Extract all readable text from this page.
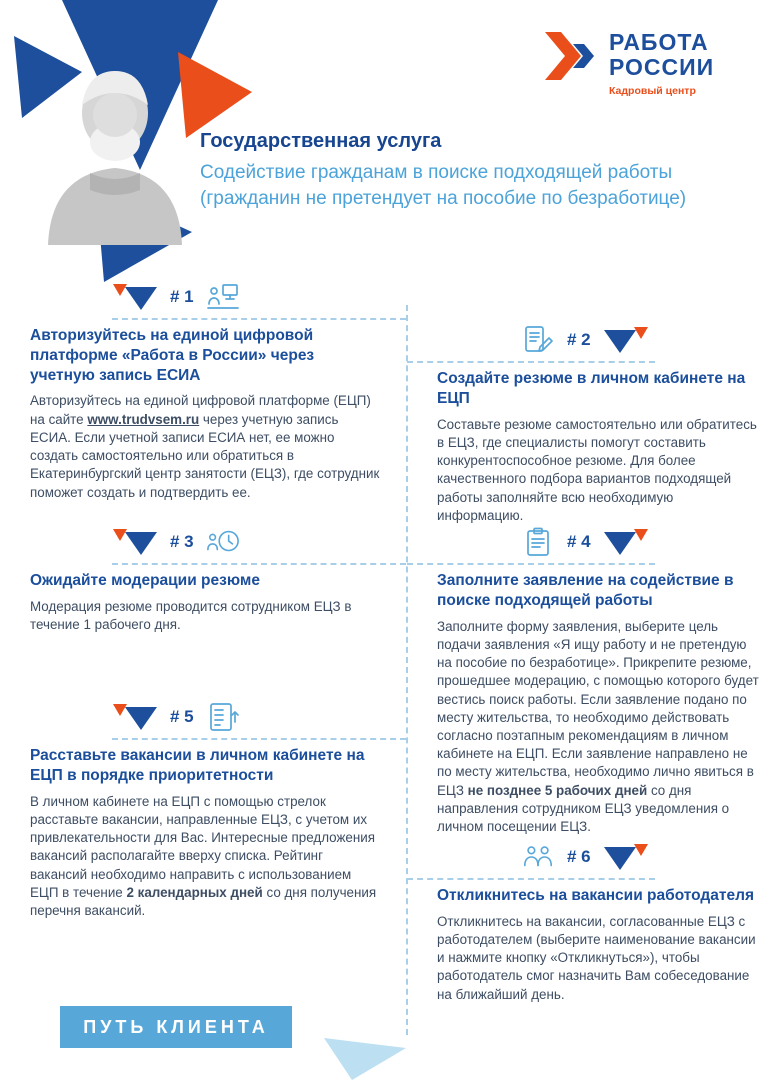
РАБОТА
РОССИИ
Кадровый центр
Государственная услуга
Содействие гражданам в поиске подходящей работы (гражданин не претендует на пособие по безработице)
# 1
Авторизуйтесь на единой цифровой платформе «Работа в России» через учетную запись ЕСИА
Авторизуйтесь на единой цифровой платформе (ЕЦП) на сайте www.trudvsem.ru через учетную запись ЕСИА. Если учетной записи ЕСИА нет, ее можно создать самостоятельно или обратиться в Екатеринбургский центр занятости (ЕЦЗ), где сотрудник поможет создать и подтвердить ее.
# 2
Создайте резюме в личном кабинете на ЕЦП
Составьте резюме самостоятельно или обратитесь в ЕЦЗ, где специалисты помогут составить конкурентоспособное резюме. Для более качественного подбора вариантов подходящей работы заполняйте всю необходимую информацию.
# 3
Ожидайте модерации резюме
Модерация резюме проводится сотрудником ЕЦЗ в течение 1 рабочего дня.
# 4
Заполните заявление на содействие в поиске подходящей работы
Заполните форму заявления, выберите цель подачи заявления «Я ищу работу и не претендую на пособие по безработице». Прикрепите резюме, прошедшее модерацию, с помощью которого будет вестись поиск работы. Если заявление подано по месту жительства, то необходимо действовать согласно поэтапным рекомендациям в личном кабинете на ЕЦП. Если заявление направлено не по месту жительства, необходимо лично явиться в ЕЦЗ не позднее 5 рабочих дней со дня направления сотрудником ЕЦЗ уведомления о личном посещении ЕЦЗ.
# 5
Расставьте вакансии в личном кабинете на ЕЦП в порядке приоритетности
В личном кабинете на ЕЦП с помощью стрелок расставьте вакансии, направленные ЕЦЗ, с учетом их привлекательности для Вас. Интересные предложения вакансий располагайте вверху списка. Рейтинг вакансий необходимо направить с использованием ЕЦП в течение 2 календарных дней со дня получения перечня вакансий.
# 6
Откликнитесь на вакансии работодателя
Откликнитесь на вакансии, согласованные ЕЦЗ с работодателем (выберите наименование вакансии и нажмите кнопку «Откликнуться»), чтобы работодатель смог назначить Вам собеседование на ближайший день.
ПУТЬ КЛИЕНТА
